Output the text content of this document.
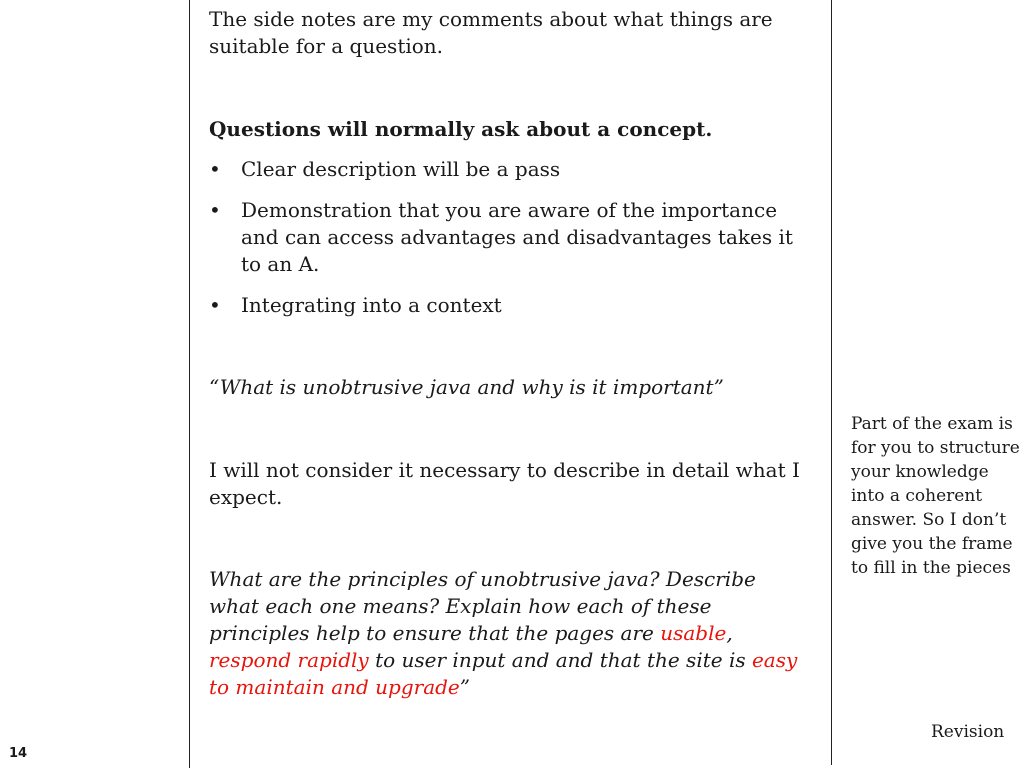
The side notes are my comments about what things are suitable for a question.

Questions will normally ask about a concept.

• Clear description will be a pass
• Demonstration that you are aware of the importance and can access advantages and disadvantages takes it to an A.
• Integrating into a context

“What is unobtrusive java and why is it important”

I will not consider it necessary to describe in detail what I expect.

What are the principles of unobtrusive java? Describe what each one means? Explain how each of these principles help to ensure that the pages are usable, respond rapidly to user input and and that the site is easy to maintain and upgrade”

Part of the exam is for you to structure your knowledge into a coherent answer. So I don’t give you the frame to fill in the pieces
Revision
14
